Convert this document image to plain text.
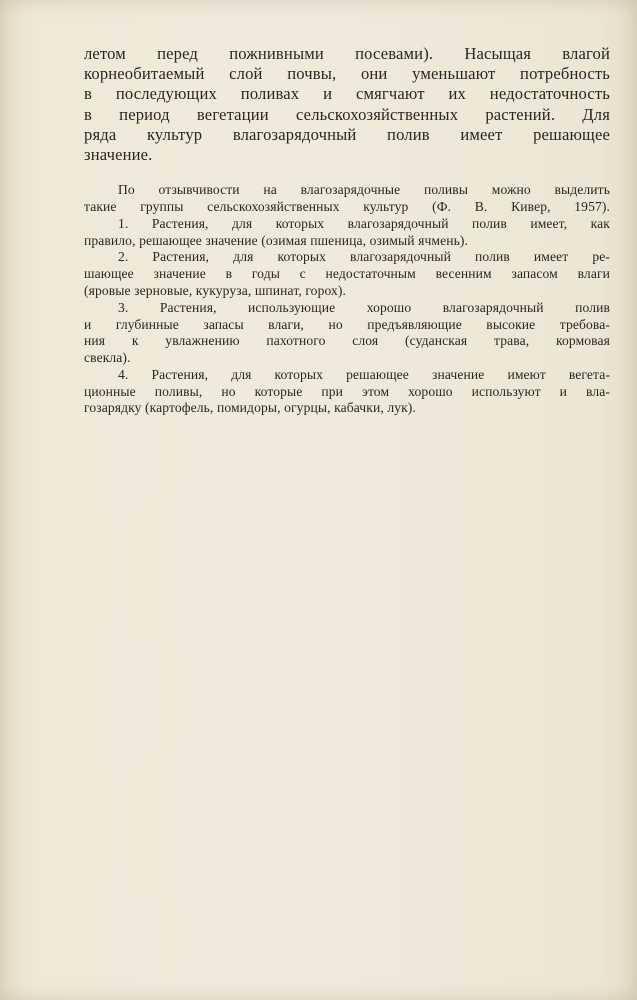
летом перед пожнивными посевами). Насыщая влагой
корнеобитаемый слой почвы, они уменьшают потребность
в последующих поливах и смягчают их недостаточность
в период вегетации сельскохозяйственных растений. Для
ряда культур влагозарядочный полив имеет решающее
значение.
По отзывчивости на влагозарядочные поливы можно выделить
такие группы сельскохозяйственных культур (Ф. В. Кивер, 1957).
1. Растения, для которых влагозарядочный полив имеет, как
правило, решающее значение (озимая пшеница, озимый ячмень).
2. Растения, для которых влагозарядочный полив имеет ре-
шающее значение в годы с недостаточным весенним запасом влаги
(яровые зерновые, кукуруза, шпинат, горох).
3. Растения, использующие хорошо влагозарядочный полив
и глубинные запасы влаги, но предъявляющие высокие требова-
ния к увлажнению пахотного слоя (суданская трава, кормовая
свекла).
4. Растения, для которых решающее значение имеют вегета-
ционные поливы, но которые при этом хорошо используют и вла-
гозарядку (картофель, помидоры, огурцы, кабачки, лук).
